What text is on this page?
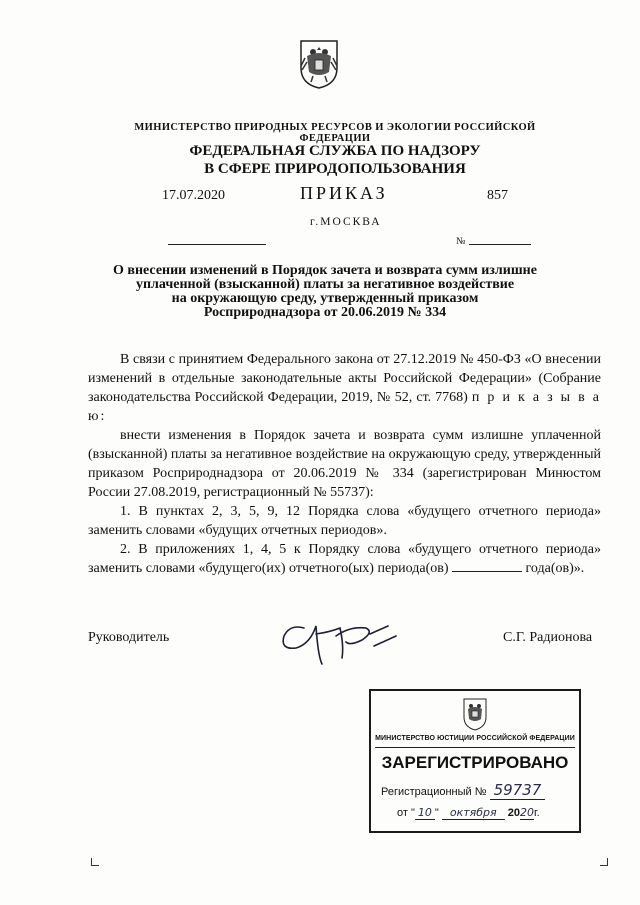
МИНИСТЕРСТВО ПРИРОДНЫХ РЕСУРСОВ И ЭКОЛОГИИ РОССИЙСКОЙ ФЕДЕРАЦИИ
ФЕДЕРАЛЬНАЯ СЛУЖБА ПО НАДЗОРУ
В СФЕРЕ ПРИРОДОПОЛЬЗОВАНИЯ
17.07.2020	ПРИКАЗ	857
г.МОСКВА
№
О внесении изменений в Порядок зачета и возврата сумм излишне
уплаченной (взысканной) платы за негативное воздействие
на окружающую среду, утвержденный приказом
Росприроднадзора от 20.06.2019 № 334

В связи с принятием Федерального закона от 27.12.2019 № 450-ФЗ «О внесении изменений в отдельные законодательные акты Российской Федерации» (Собрание законодательства Российской Федерации, 2019, № 52, ст. 7768) п р и к а з ы в а ю:

внести изменения в Порядок зачета и возврата сумм излишне уплаченной (взысканной) платы за негативное воздействие на окружающую среду, утвержденный приказом Росприроднадзора от 20.06.2019 № 334 (зарегистрирован Минюстом России 27.08.2019, регистрационный № 55737):

1. В пунктах 2, 3, 5, 9, 12 Порядка слова «будущего отчетного периода» заменить словами «будущих отчетных периодов».

2. В приложениях 1, 4, 5 к Порядку слова «будущего отчетного периода» заменить словами «будущего(их) отчетного(ых) периода(ов)	года(ов)».

Руководитель	С.Г. Радионова
МИНИСТЕРСТВО ЮСТИЦИИ РОССИЙСКОЙ ФЕДЕРАЦИИ
ЗАРЕГИСТРИРОВАНО
Регистрационный № 59737
от " 10 " октября 2020г.
